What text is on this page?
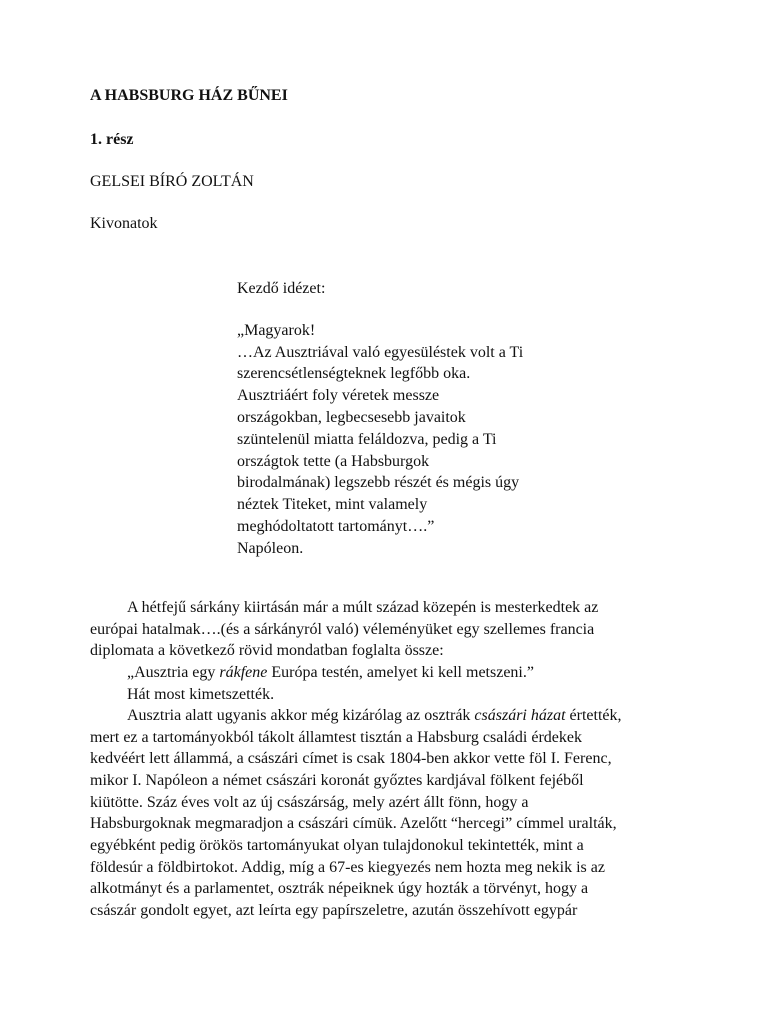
A HABSBURG HÁZ BŰNEI
1. rész
GELSEI BÍRÓ ZOLTÁN
Kivonatok
Kezdő idézet:
„Magyarok!
…Az Ausztriával való egyesüléstek volt a Ti
szerencsétlenségteknek legfőbb oka.
Ausztriáért foly véretek messze
országokban, legbecsesebb javaitok
szüntelenül miatta feláldozva, pedig a Ti
országtok tette (a Habsburgok
birodalmának) legszebb részét és mégis úgy
néztek Titeket, mint valamely
meghódoltatott tartományt….”
Napóleon.
A hétfejű sárkány kiirtásán már a múlt század közepén is mesterkedtek az
európai hatalmak….(és a sárkányról való) véleményüket egy szellemes francia
diplomata a következő rövid mondatban foglalta össze:
„Ausztria egy rákfene Európa testén, amelyet ki kell metszeni.”
Hát most kimetszették.
Ausztria alatt ugyanis akkor még kizárólag az osztrák császári házat értették,
mert ez a tartományokból tákolt államtest tisztán a Habsburg családi érdekek
kedvéért lett állammá, a császári címet is csak 1804-ben akkor vette föl I. Ferenc,
mikor I. Napóleon a német császári koronát győztes kardjával fölkent fejéből
kiütötte. Száz éves volt az új császárság, mely azért állt fönn, hogy a
Habsburgoknak megmaradjon a császári címük. Azelőtt “hercegi” címmel uralták,
egyébként pedig örökös tartományukat olyan tulajdonokul tekintették, mint a
földesúr a földbirtokot. Addig, míg a 67-es kiegyezés nem hozta meg nekik is az
alkotmányt és a parlamentet, osztrák népeiknek úgy hozták a törvényt, hogy a
császár gondolt egyet, azt leírta egy papírszeletre, azután összehívott egypár
